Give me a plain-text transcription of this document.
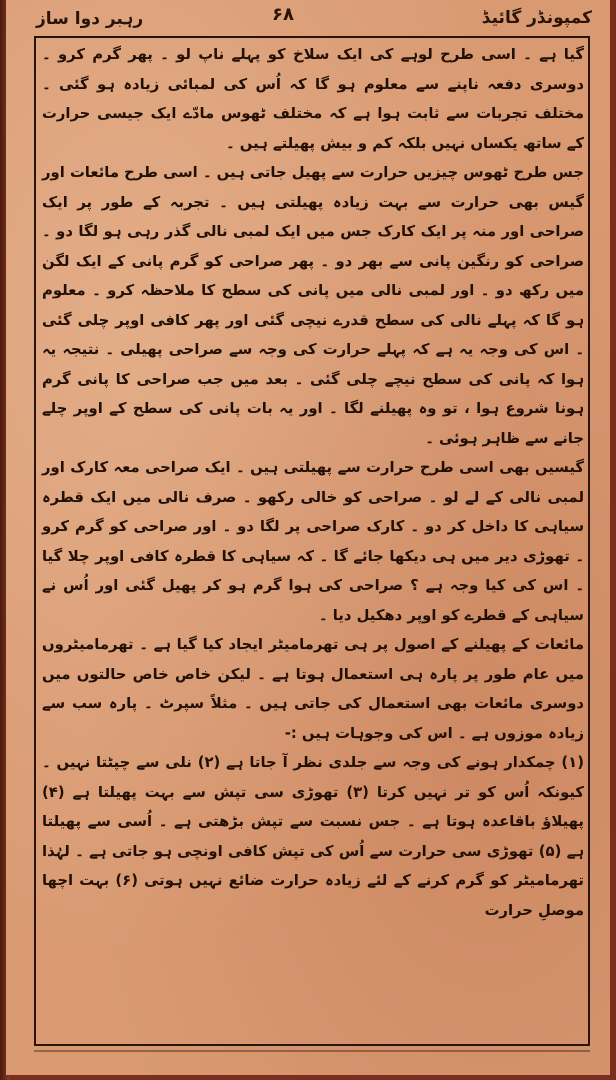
رہبر دوا ساز	۶۸	کمپونڈر گائیڈ

گیا ہے ۔ اسی طرح لوہے کی ایک سلاخ کو پہلے ناپ لو ۔ پھر گرم کرو ۔ دوسری دفعہ ناپنے سے معلوم ہو گا کہ اُس کی لمبائی زیادہ ہو گئی ۔ مختلف تجربات سے ثابت ہوا ہے کہ مختلف ٹھوس مادّے ایک جیسی حرارت کے ساتھ یکساں نہیں بلکہ کم و بیش پھیلتے ہیں ۔

جس طرح ٹھوس چیزیں حرارت سے پھیل جاتی ہیں ۔ اسی طرح مائعات اور گیس بھی حرارت سے بہت زیادہ پھیلتی ہیں ۔ تجربہ کے طور پر ایک صراحی اور منہ پر ایک کارک جس میں ایک لمبی نالی گذر رہی ہو لگا دو ۔ صراحی کو رنگین پانی سے بھر دو ۔ پھر صراحی کو گرم پانی کے ایک لگن میں رکھ دو ۔ اور لمبی نالی میں پانی کی سطح کا ملاحظہ کرو ۔ معلوم ہو گا کہ پہلے نالی کی سطح قدرے نیچی گئی اور پھر کافی اوپر چلی گئی ۔ اس کی وجہ یہ ہے کہ پہلے حرارت کی وجہ سے صراحی پھیلی ۔ نتیجہ یہ ہوا کہ پانی کی سطح نیچے چلی گئی ۔ بعد میں جب صراحی کا پانی گرم ہونا شروع ہوا ، تو وہ پھیلنے لگا ۔ اور یہ بات پانی کی سطح کے اوپر چلے جانے سے ظاہر ہوئی ۔

گیسیں بھی اسی طرح حرارت سے پھیلتی ہیں ۔ ایک صراحی معہ کارک اور لمبی نالی کے لے لو ۔ صراحی کو خالی رکھو ۔ صرف نالی میں ایک قطرہ سیاہی کا داخل کر دو ۔ کارک صراحی پر لگا دو ۔ اور صراحی کو گرم کرو ۔ تھوڑی دیر میں ہی دیکھا جائے گا ۔ کہ سیاہی کا قطرہ کافی اوپر چلا گیا ۔ اس کی کیا وجہ ہے ؟ صراحی کی ہوا گرم ہو کر پھیل گئی اور اُس نے سیاہی کے قطرے کو اوپر دھکیل دیا ۔

مائعات کے پھیلنے کے اصول پر ہی تھرمامیٹر ایجاد کیا گیا ہے ۔ تھرمامیٹروں میں عام طور پر پارہ ہی استعمال ہوتا ہے ۔ لیکن خاص خاص حالتوں میں دوسری مائعات بھی استعمال کی جاتی ہیں ۔ مثلاً سپرٹ ۔ پارہ سب سے زیادہ موزوں ہے ۔ اس کی وجوہات ہیں :-

(۱) چمکدار ہونے کی وجہ سے جلدی نظر آ جاتا ہے (۲) نلی سے چپٹتا نہیں ۔ کیونکہ اُس کو تر نہیں کرتا (۳) تھوڑی سی تپش سے بہت پھیلتا ہے (۴) پھیلاؤ باقاعدہ ہوتا ہے ۔ جس نسبت سے تپش بڑھتی ہے ۔ اُسی سے پھیلتا ہے (۵) تھوڑی سی حرارت سے اُس کی تپش کافی اونچی ہو جاتی ہے ۔ لہٰذا تھرمامیٹر کو گرم کرنے کے لئے زیادہ حرارت ضائع نہیں ہوتی (۶) بہت اچھا موصلِ حرارت
